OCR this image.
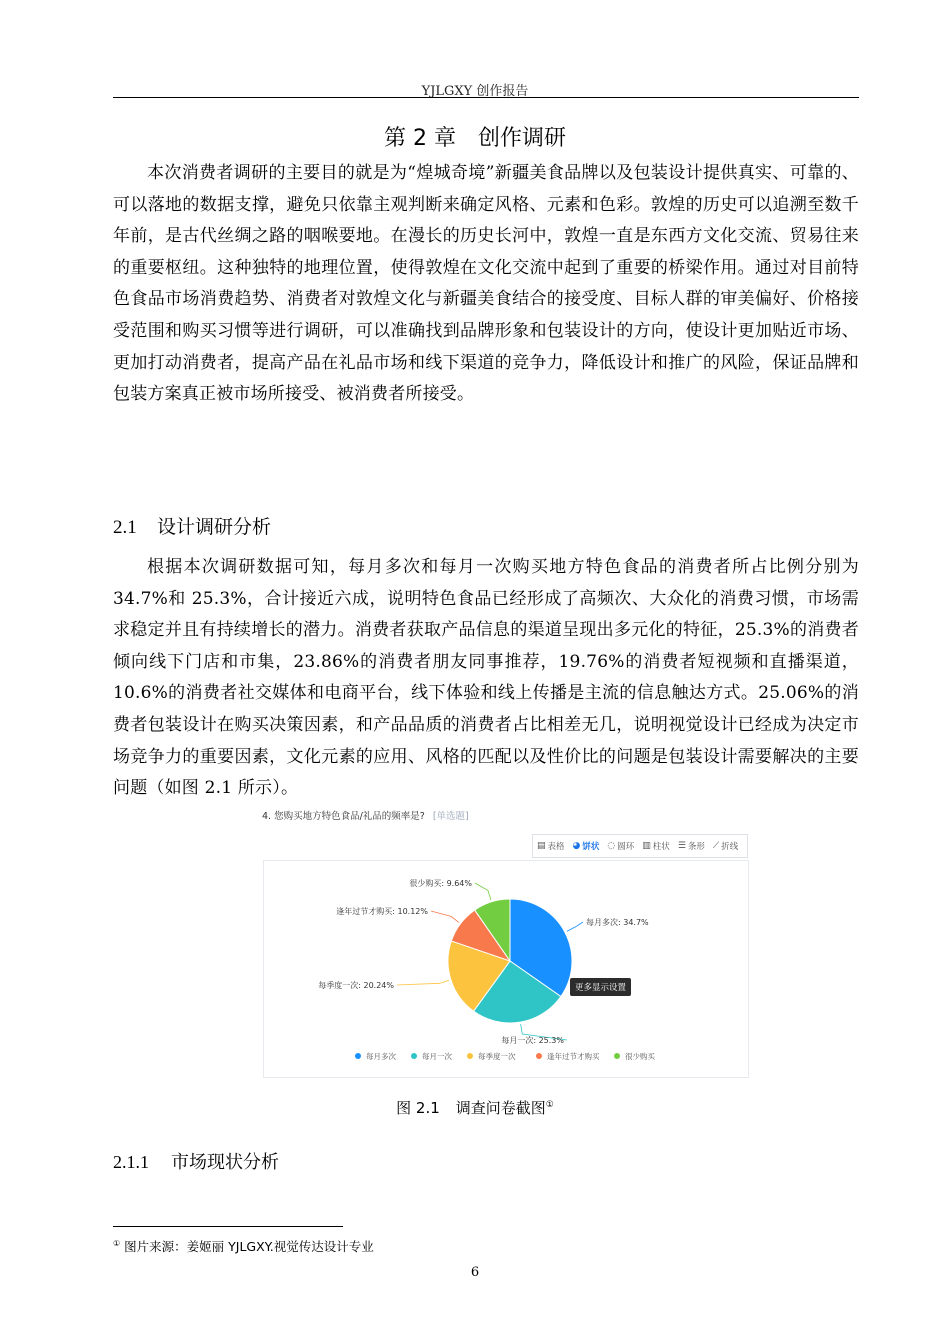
YJLGXY 创作报告
第 2 章　创作调研

本次消费者调研的主要目的就是为“煌城奇境”新疆美食品牌以及包装设计提供真实、可靠的、可以落地的数据支撑，避免只依靠主观判断来确定风格、元素和色彩。敦煌的历史可以追溯至数千年前，是古代丝绸之路的咽喉要地。在漫长的历史长河中，敦煌一直是东西方文化交流、贸易往来的重要枢纽。这种独特的地理位置，使得敦煌在文化交流中起到了重要的桥梁作用。通过对目前特色食品市场消费趋势、消费者对敦煌文化与新疆美食结合的接受度、目标人群的审美偏好、价格接受范围和购买习惯等进行调研，可以准确找到品牌形象和包装设计的方向，使设计更加贴近市场、更加打动消费者，提高产品在礼品市场和线下渠道的竞争力，降低设计和推广的风险，保证品牌和包装方案真正被市场所接受、被消费者所接受。

2.1 设计调研分析

根据本次调研数据可知，每月多次和每月一次购买地方特色食品的消费者所占比例分别为 34.7%和 25.3%，合计接近六成，说明特色食品已经形成了高频次、大众化的消费习惯，市场需求稳定并且有持续增长的潜力。消费者获取产品信息的渠道呈现出多元化的特征，25.3%的消费者倾向线下门店和市集，23.86%的消费者朋友同事推荐，19.76%的消费者短视频和直播渠道，10.6%的消费者社交媒体和电商平台，线下体验和线上传播是主流的信息触达方式。25.06%的消费者包装设计在购买决策因素，和产品品质的消费者占比相差无几，说明视觉设计已经成为决定市场竞争力的重要因素，文化元素的应用、风格的匹配以及性价比的问题是包装设计需要解决的主要问题（如图 2.1 所示）。

4. 您购买地方特色食品/礼品的频率是? [单选题]
▤ 表格 ◕ 饼状 ◌ 圆环 ▥ 柱状 ☰ 条形 ⟋ 折线
每月多次: 34.7%
每月一次: 25.3%
每季度一次: 20.24%
逢年过节才购买: 10.12%
很少购买: 9.64%
每月多次	每月一次	每季度一次	逢年过节才购买	很少购买
更多显示设置
图 2.1 调查问卷截图①
2.1.1 市场现状分析
① 图片来源：姜姬丽 YJLGXY.视觉传达设计专业
6
